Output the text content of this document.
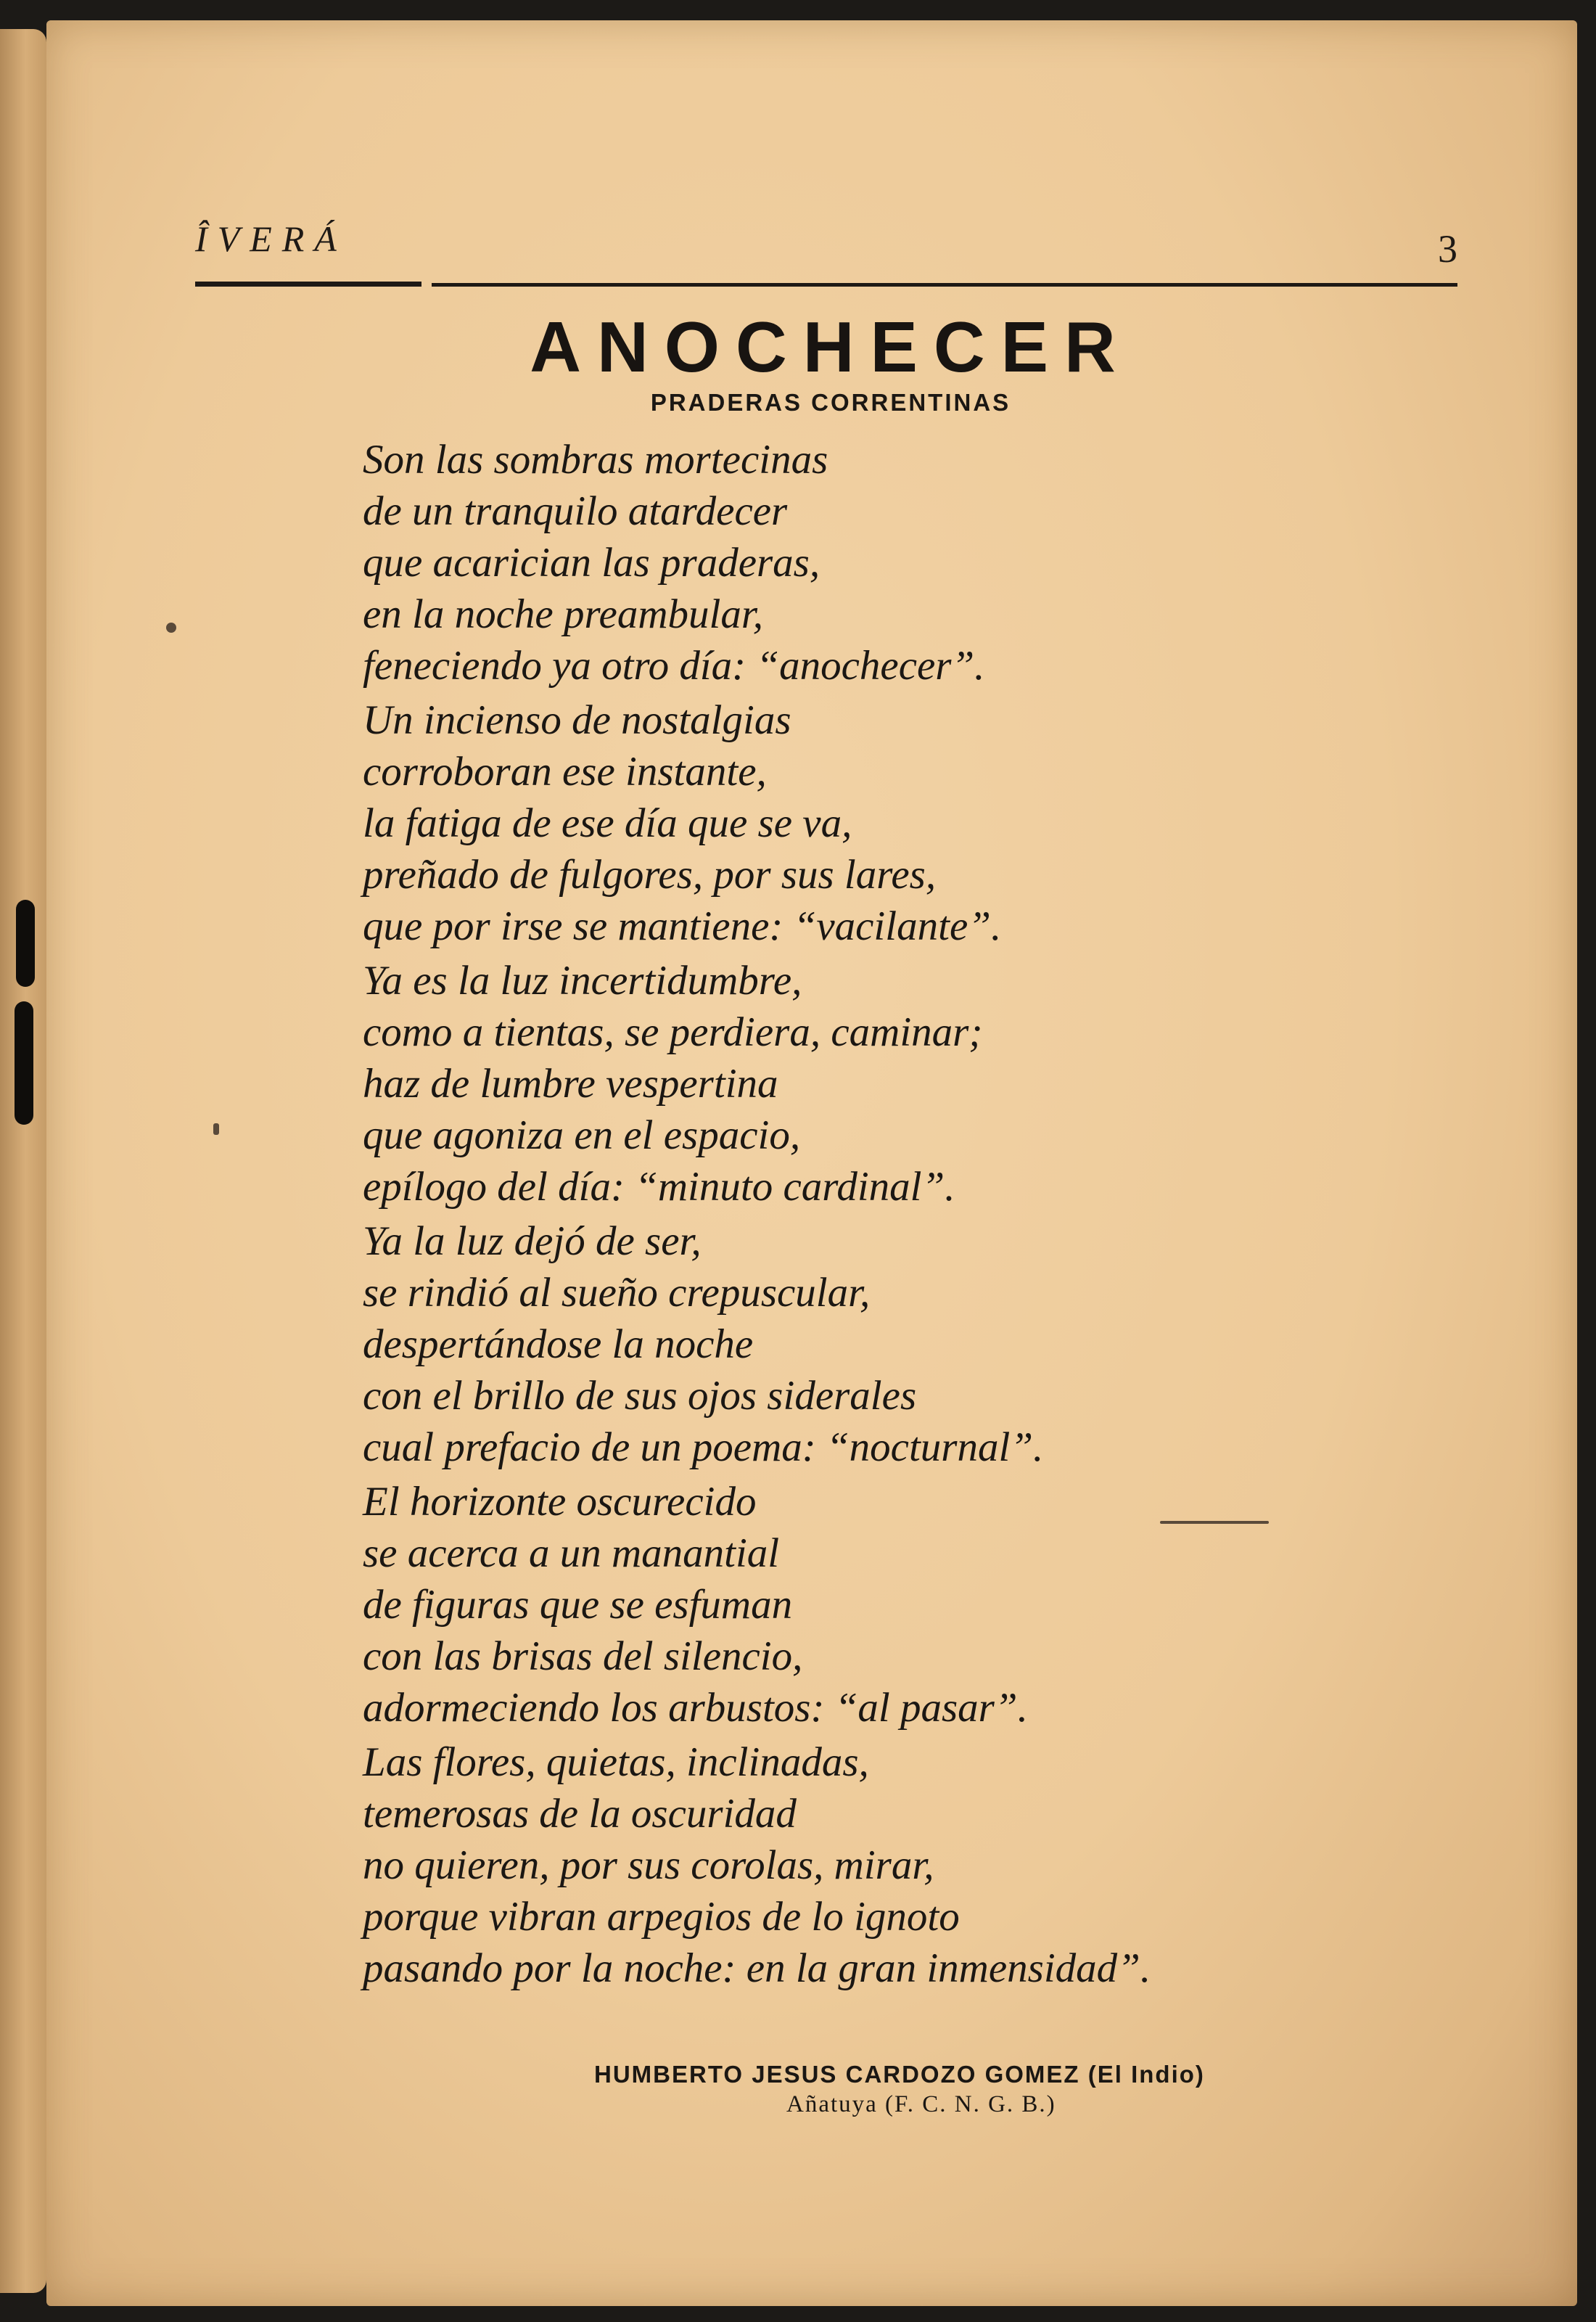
ÎVERÁ	3
ANOCHECER
PRADERAS CORRENTINAS
Son las sombras mortecinas
de un tranquilo atardecer
que acarician las praderas,
en la noche preambular,
feneciendo ya otro día: “anochecer”.
Un incienso de nostalgias
corroboran ese instante,
la fatiga de ese día que se va,
preñado de fulgores, por sus lares,
que por irse se mantiene: “vacilante”.
Ya es la luz incertidumbre,
como a tientas, se perdiera, caminar;
haz de lumbre vespertina
que agoniza en el espacio,
epílogo del día: “minuto cardinal”.
Ya la luz dejó de ser,
se rindió al sueño crepuscular,
despertándose la noche
con el brillo de sus ojos siderales
cual prefacio de un poema: “nocturnal”.
El horizonte oscurecido
se acerca a un manantial
de figuras que se esfuman
con las brisas del silencio,
adormeciendo los arbustos: “al pasar”.
Las flores, quietas, inclinadas,
temerosas de la oscuridad
no quieren, por sus corolas, mirar,
porque vibran arpegios de lo ignoto
pasando por la noche: en la gran inmensidad”.
HUMBERTO JESUS CARDOZO GOMEZ (El Indio)
Añatuya (F. C. N. G. B.)
